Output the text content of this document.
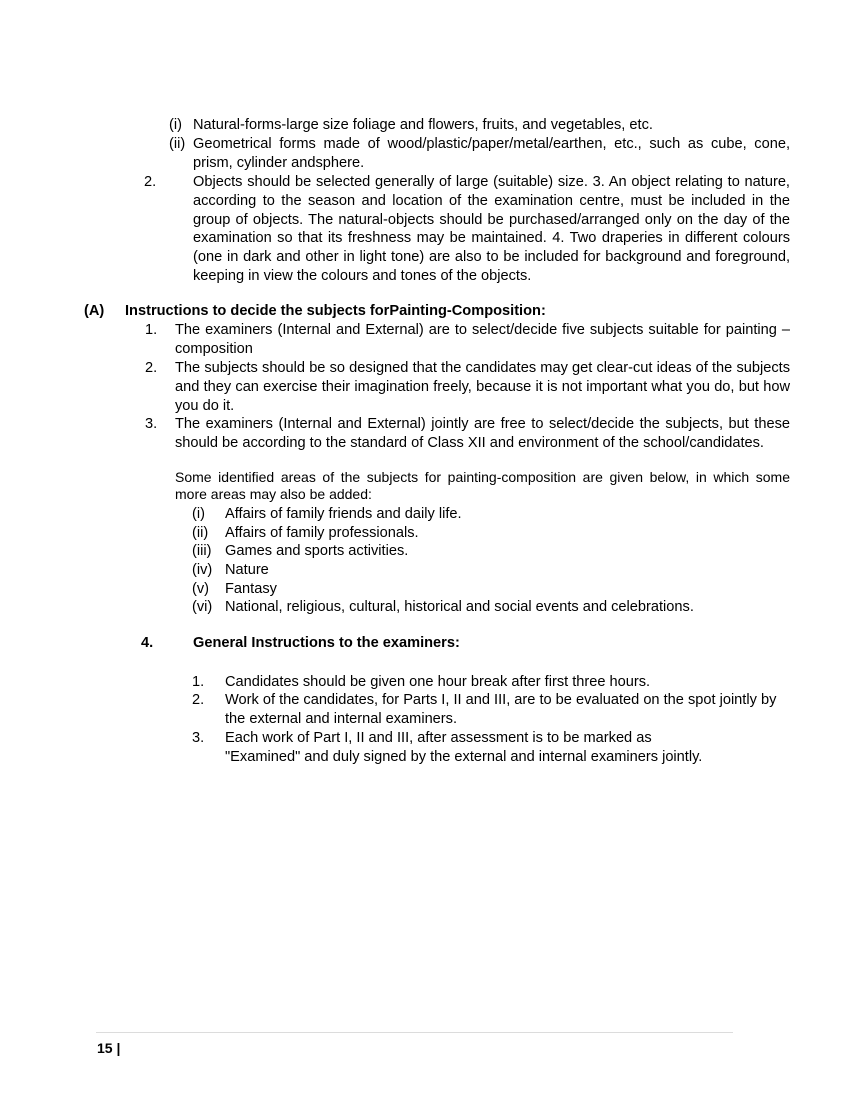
(i) Natural-forms-large size foliage and flowers, fruits, and vegetables, etc.
(ii) Geometrical forms made of wood/plastic/paper/metal/earthen, etc., such as cube, cone, prism, cylinder andsphere.
2.	Objects should be selected generally of large (suitable) size. 3. An object relating to nature, according to the season and location of the examination centre, must be included in the group of objects. The natural-objects should be purchased/arranged only on the day of the examination so that its freshness may be maintained. 4. Two draperies in different colours (one in dark and other in light tone) are also to be included for background and foreground, keeping in view the colours and tones of the objects.
(A) Instructions to decide the subjects forPainting-Composition:
1. The examiners (Internal and External) are to select/decide five subjects suitable for painting – composition
2. The subjects should be so designed that the candidates may get clear-cut ideas of the subjects and they can exercise their imagination freely, because it is not important what you do, but how you do it.
3. The examiners (Internal and External) jointly are free to select/decide the subjects, but these should be according to the standard of Class XII and environment of the school/candidates.
Some identified areas of the subjects for painting-composition are given below, in which some more areas may also be added:
(i) Affairs of family friends and daily life.
(ii) Affairs of family professionals.
(iii) Games and sports activities.
(iv) Nature
(v) Fantasy
(vi) National, religious, cultural, historical and social events and celebrations.
4.	General Instructions to the examiners:
1. Candidates should be given one hour break after first three hours.
2. Work of the candidates, for Parts I, II and III, are to be evaluated on the spot jointly by the external and internal examiners.
3. Each work of Part I, II and III, after assessment is to be marked as "Examined" and duly signed by the external and internal examiners jointly.
15 |
